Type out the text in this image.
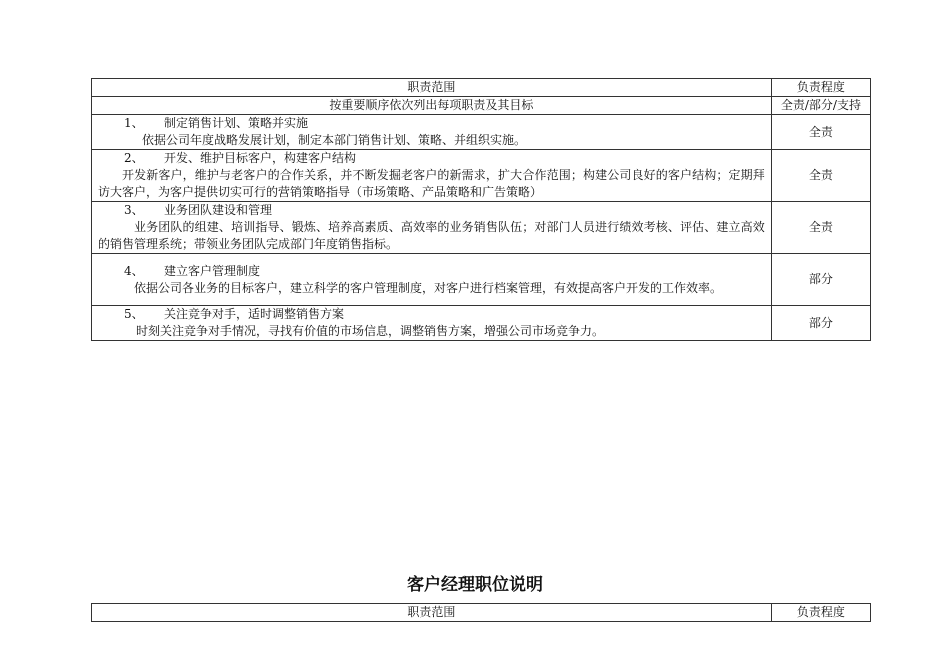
职责范围	负责程度
按重要顺序依次列出每项职责及其目标	全责/部分/支持

1、 制定销售计划、策略并实施
依据公司年度战略发展计划，制定本部门销售计划、策略、并组织实施。	全责

2、 开发、维护目标客户，构建客户结构
开发新客户，维护与老客户的合作关系，并不断发掘老客户的新需求，扩大合作范围；构建公司良好的客户结构；定期拜访大客户，为客户提供切实可行的营销策略指导（市场策略、产品策略和广告策略）	全责

3、 业务团队建设和管理
业务团队的组建、培训指导、锻炼、培养高素质、高效率的业务销售队伍；对部门人员进行绩效考核、评估、建立高效的销售管理系统；带领业务团队完成部门年度销售指标。	全责

4、 建立客户管理制度
依据公司各业务的目标客户，建立科学的客户管理制度，对客户进行档案管理，有效提高客户开发的工作效率。	部分

5、 关注竞争对手，适时调整销售方案
时刻关注竞争对手情况，寻找有价值的市场信息，调整销售方案，增强公司市场竞争力。	部分
客户经理职位说明
职责范围	负责程度
